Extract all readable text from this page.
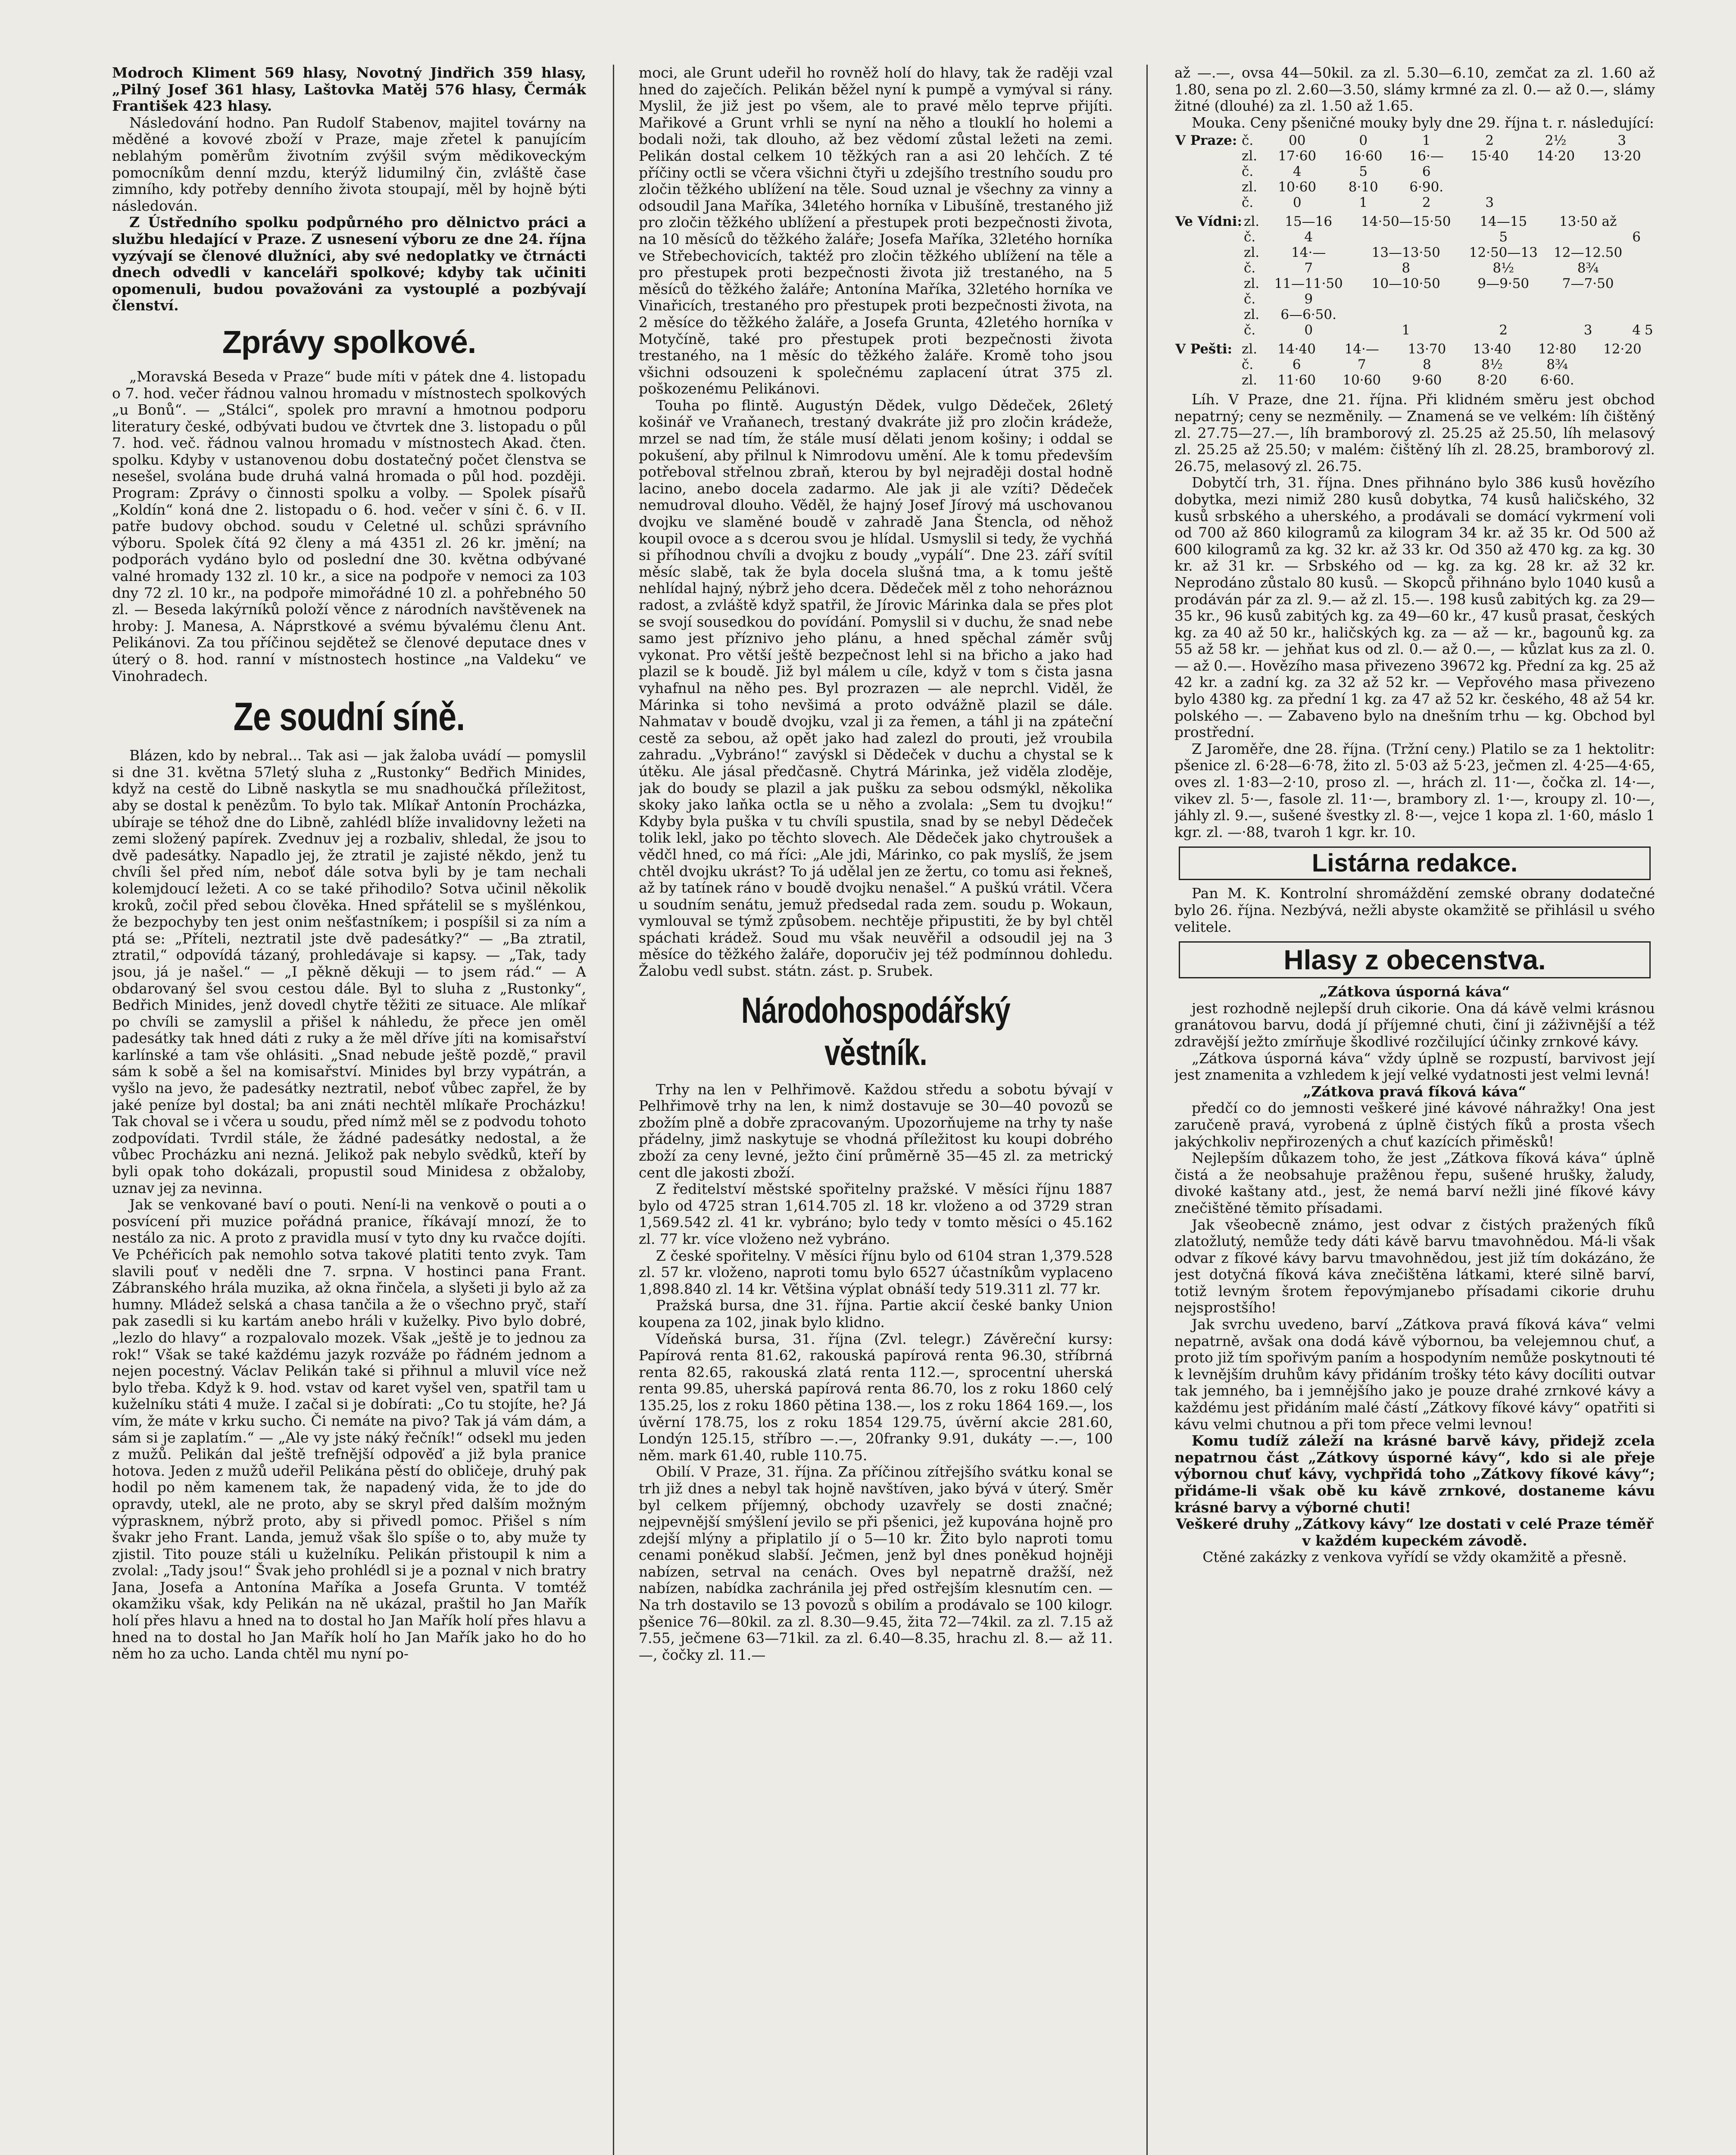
Modroch Kliment 569 hlasy, Novotný Jindřich 359 hlasy, „Pilný Josef 361 hlasy, Laštovka Matěj 576 hlasy, Čermák František 423 hlasy.

Následování hodno. Pan Rudolf Stabenov, majitel továrny na měděné a kovové zboží v Praze, maje zřetel k panujícím neblahým poměrům životním zvýšil svým mědikoveckým pomocníkům denní mzdu, kterýž lidumilný čin, zvláště čase zimního, kdy potřeby denního života stoupají, měl by hojně býti následován.

Z Ústředního spolku podpůrného pro dělnictvo práci a službu hledající v Praze. Z usnesení výboru ze dne 24. října vyzývají se členové dlužníci, aby své nedoplatky ve čtrnácti dnech odvedli v kanceláři spolkové; kdyby tak učiniti opomenuli, budou považováni za vystouplé a pozbývají členství.

Zprávy spolkové.

„Moravská Beseda v Praze“ bude míti v pátek dne 4. listopadu o 7. hod. večer řádnou valnou hromadu v místnostech spolkových „u Bonů“. — „Stálci“, spolek pro mravní a hmotnou podporu literatury české, odbývati budou ve čtvrtek dne 3. listopadu o půl 7. hod. več. řádnou valnou hromadu v místnostech Akad. čten. spolku. Kdyby v ustanovenou dobu dostatečný počet členstva se nesešel, svolána bude druhá valná hromada o půl hod. později. Program: Zprávy o činnosti spolku a volby. — Spolek písařů „Koldín“ koná dne 2. listopadu o 6. hod. večer v síni č. 6. v II. patře budovy obchod. soudu v Celetné ul. schůzi správního výboru. Spolek čítá 92 členy a má 4351 zl. 26 kr. jmění; na podporách vydáno bylo od poslední dne 30. května odbývané valné hromady 132 zl. 10 kr., a sice na podpoře v nemoci za 103 dny 72 zl. 10 kr., na podpoře mimořádné 10 zl. a pohřebného 50 zl. — Beseda lakýrníků položí věnce z národních navštěvenek na hroby: J. Manesa, A. Náprstkové a svému bývalému členu Ant. Pelikánovi. Za tou příčinou sejdětež se členové deputace dnes v úterý o 8. hod. ranní v místnostech hostince „na Valdeku“ ve Vinohradech.

Ze soudní síně.

Blázen, kdo by nebral... Tak asi — jak žaloba uvádí — pomyslil si dne 31. května 57letý sluha z „Rustonky“ Bedřich Minides, když na cestě do Libně naskytla se mu snadhoučká příležitost, aby se dostal k penězům. To bylo tak. Mlíkař Antonín Procházka, ubíraje se téhož dne do Libně, zahlédl blíže invalidovny ležeti na zemi složený papírek. Zvednuv jej a rozbaliv, shledal, že jsou to dvě padesátky. Napadlo jej, že ztratil je zajisté někdo, jenž tu chvíli šel před ním, neboť dále sotva byli by je tam nechali kolemjdoucí ležeti. A co se také přihodilo? Sotva učinil několik kroků, zočil před sebou člověka. Hned spřátelil se s myšlénkou, že bezpochyby ten jest onim nešťastníkem; i pospíšil si za ním a ptá se: „Příteli, neztratil jste dvě padesátky?“ — „Ba ztratil, ztratil,“ odpovídá tázaný, prohledávaje si kapsy. — „Tak, tady jsou, já je našel.“ — „I pěkně děkuji — to jsem rád.“ — A obdarovaný šel svou cestou dále. Byl to sluha z „Rustonky“, Bedřich Minides, jenž dovedl chytře těžiti ze situace. Ale mlíkař po chvíli se zamyslil a přišel k náhledu, že přece jen oměl padesátky tak hned dáti z ruky a že měl dříve jíti na komisařství karlínské a tam vše ohlásiti. „Snad nebude ještě pozdě,“ pravil sám k sobě a šel na komisařství. Minides byl brzy vypátrán, a vyšlo na jevo, že padesátky neztratil, neboť vůbec zapřel, že by jaké peníze byl dostal; ba ani znáti nechtěl mlíkaře Procházku! Tak choval se i včera u soudu, před nímž měl se z podvodu tohoto zodpovídati. Tvrdil stále, že žádné padesátky nedostal, a že vůbec Procházku ani nezná. Jelikož pak nebylo svědků, kteří by byli opak toho dokázali, propustil soud Minidesa z obžaloby, uznav jej za nevinna.

Jak se venkované baví o pouti. Není-li na venkově o pouti a o posvícení při muzice pořádná pranice, říkávají mnozí, že to nestálo za nic. A proto z pravidla musí v tyto dny ku rvačce dojíti. Ve Pchéřicích pak nemohlo sotva takové platiti tento zvyk. Tam slavili pouť v neděli dne 7. srpna. V hostinci pana Frant. Zábranského hrála muzika, až okna řinčela, a slyšeti ji bylo až za humny. Mládež selská a chasa tančila a že o všechno pryč, staří pak zasedli si ku kartám anebo hráli v kuželky. Pivo bylo dobré, „lezlo do hlavy“ a rozpalovalo mozek. Však „ještě je to jednou za rok!“ Však se také každému jazyk rozváže po řádném jednom a nejen pocestný. Václav Pelikán také si přihnul a mluvil více než bylo třeba. Když k 9. hod. vstav od karet vyšel ven, spatřil tam u kuželníku státi 4 muže. I začal si je dobírati: „Co tu stojíte, he? Já vím, že máte v krku sucho. Či nemáte na pivo? Tak já vám dám, a sám si je zaplatím.“ — „Ale vy jste náký řečník!“ odsekl mu jeden z mužů. Pelikán dal ještě trefnější odpověď a již byla pranice hotova. Jeden z mužů udeřil Pelikána pěstí do obličeje, druhý pak hodil po něm kamenem tak, že napadený vida, že to jde do opravdy, utekl, ale ne proto, aby se skryl před dalším možným výprasknem, nýbrž proto, aby si přivedl pomoc. Přišel s ním švakr jeho Frant. Landa, jemuž však šlo spíše o to, aby muže ty zjistil. Tito pouze stáli u kuželníku. Pelikán přistoupil k nim a zvolal: „Tady jsou!“ Švak jeho prohlédl si je a poznal v nich bratry Jana, Josefa a Antonína Maříka a Josefa Grunta. V tomtéž okamžiku však, kdy Pelikán na ně ukázal, praštil ho Jan Mařík holí přes hlavu a hned na to dostal ho Jan Mařík holí přes hlavu a hned na to dostal ho Jan Mařík holí ho Jan Mařík jako ho do ho něm ho za ucho. Landa chtěl mu nyní po-

moci, ale Grunt udeřil ho rovněž holí do hlavy, tak že raději vzal hned do zaječích. Pelikán běžel nyní k pumpě a vymýval si rány. Myslil, že již jest po všem, ale to pravé mělo teprve přijíti. Mařikové a Grunt vrhli se nyní na něho a tlouklí ho holemi a bodali noži, tak dlouho, až bez vědomí zůstal ležeti na zemi. Pelikán dostal celkem 10 těžkých ran a asi 20 lehčích. Z té příčiny octli se včera všichni čtyři u zdejšího trestního soudu pro zločin těžkého ublížení na těle. Soud uznal je všechny za vinny a odsoudil Jana Maříka, 34letého horníka v Libušíně, trestaného již pro zločin těžkého ublížení a přestupek proti bezpečnosti života, na 10 měsíců do těžkého žaláře; Josefa Maříka, 32letého horníka ve Střebechovicích, taktéž pro zločin těžkého ublížení na těle a pro přestupek proti bezpečnosti života již trestaného, na 5 měsíců do těžkého žaláře; Antonína Maříka, 32letého horníka ve Vinařicích, trestaného pro přestupek proti bezpečnosti života, na 2 měsíce do těžkého žaláře, a Josefa Grunta, 42letého horníka v Motyčíně, také pro přestupek proti bezpečnosti života trestaného, na 1 měsíc do těžkého žaláře. Kromě toho jsou všichni odsouzeni k společnému zaplacení útrat 375 zl. poškozenému Pelikánovi.

Touha po flintě. Augustýn Dědek, vulgo Dědeček, 26letý košinář ve Vraňanech, trestaný dvakráte již pro zločin krádeže, mrzel se nad tím, že stále musí dělati jenom košiny; i oddal se pokušení, aby přilnul k Nimrodovu umění. Ale k tomu především potřeboval střelnou zbraň, kterou by byl nejraději dostal hodně lacino, anebo docela zadarmo. Ale jak ji ale vzíti? Dědeček nemudroval dlouho. Věděl, že hajný Josef Jírový má uschovanou dvojku ve slaměné boudě v zahradě Jana Štencla, od něhož koupil ovoce a s dcerou svou je hlídal. Usmyslil si tedy, že vychňá si příhodnou chvíli a dvojku z boudy „vypálí“. Dne 23. září svítil měsíc slabě, tak že byla docela slušná tma, a k tomu ještě nehlídal hajný, nýbrž jeho dcera. Dědeček měl z toho nehoráznou radost, a zvláště když spatřil, že Jírovic Márinka dala se přes plot se svojí sousedkou do povídání. Pomyslil si v duchu, že snad nebe samo jest příznivo jeho plánu, a hned spěchal záměr svůj vykonat. Pro větší ještě bezpečnost lehl si na břicho a jako had plazil se k boudě. Již byl málem u cíle, když v tom s čista jasna vyhafnul na něho pes. Byl prozrazen — ale neprchl. Viděl, že Márinka si toho nevšimá a proto odvážně plazil se dále. Nahmatav v boudě dvojku, vzal ji za řemen, a táhl ji na zpáteční cestě za sebou, až opět jako had zalezl do prouti, jež vroubila zahradu. „Vybráno!“ zavýskl si Dědeček v duchu a chystal se k útěku. Ale jásal předčasně. Chytrá Márinka, jež viděla zloděje, jak do boudy se plazil a jak pušku za sebou odsmýkl, několika skoky jako laňka octla se u něho a zvolala: „Sem tu dvojku!“ Kdyby byla puška v tu chvíli spustila, snad by se nebyl Dědeček tolik lekl, jako po těchto slovech. Ale Dědeček jako chytroušek a vědčl hned, co má říci: „Ale jdi, Márinko, co pak myslíš, že jsem chtěl dvojku ukrást? To já udělal jen ze žertu, co tomu asi řekneš, až by tatínek ráno v boudě dvojku nenašel.“ A puškú vrátil. Včera u soudním senátu, jemuž předsedal rada zem. soudu p. Wokaun, vymlouval se týmž způsobem. nechtěje připustiti, že by byl chtěl spáchati krádež. Soud mu však neuvěřil a odsoudil jej na 3 měsíce do těžkého žaláře, doporučiv jej též podmínnou dohledu. Žalobu vedl subst. státn. zást. p. Srubek.

Národohospodářský věstník.

Trhy na len v Pelhřimově. Každou středu a sobotu bývají v Pelhřimově trhy na len, k nimž dostavuje se 30—40 povozů se zbožím plně a dobře zpracovaným. Upozorňujeme na trhy ty naše přádelny, jimž naskytuje se vhodná příležitost ku koupi dobrého zboží za ceny levné, ježto činí průměrně 35—45 zl. za metrický cent dle jakosti zboží.

Z ředitelství městské spořitelny pražské. V měsíci říjnu 1887 bylo od 4725 stran 1,614.705 zl. 18 kr. vloženo a od 3729 stran 1,569.542 zl. 41 kr. vybráno; bylo tedy v tomto měsíci o 45.162 zl. 77 kr. více vloženo než vybráno.

Z české spořitelny. V měsíci říjnu bylo od 6104 stran 1,379.528 zl. 57 kr. vloženo, naproti tomu bylo 6527 účastníkům vyplaceno 1,898.840 zl. 14 kr. Většina výplat obnáší tedy 519.311 zl. 77 kr.

Pražská bursa, dne 31. října. Partie akcií české banky Union koupena za 102, jinak bylo klidno.

Vídeňská bursa, 31. října (Zvl. telegr.) Závěreční kursy: Papírová renta 81.62, rakouská papírová renta 96.30, stříbrná renta 82.65, rakouská zlatá renta 112.—, sprocentní uherská renta 99.85, uherská papírová renta 86.70, los z roku 1860 celý 135.25, los z roku 1860 pětina 138.—, los z roku 1864 169.—, los úvěrní 178.75, los z roku 1854 129.75, úvěrní akcie 281.60, Londýn 125.15, stříbro —.—, 20franky 9.91, dukáty —.—, 100 něm. mark 61.40, ruble 110.75.

Obilí. V Praze, 31. října. Za příčinou zítřejšího svátku konal se trh již dnes a nebyl tak hojně navštíven, jako bývá v úterý. Směr byl celkem příjemný, obchody uzavřely se dosti značné; nejpevnější smýšlení jevilo se při pšenici, jež kupována hojně pro zdejší mlýny a připlatilo jí o 5—10 kr. Žito bylo naproti tomu cenami poněkud slabší. Ječmen, jenž byl dnes poněkud hojněji nabízen, setrval na cenách. Oves byl nepatrně dražší, než nabízen, nabídka zachránila jej před ostřejším klesnutím cen. — Na trh dostavilo se 13 povozů s obilím a prodávalo se 100 kilogr. pšenice 76—80kil. za zl. 8.30—9.45, žita 72—74kil. za zl. 7.15 až 7.55, ječmene 63—71kil. za zl. 6.40—8.35, hrachu zl. 8.— až 11.—, čočky zl. 11.—

až —.—, ovsa 44—50kil. za zl. 5.30—6.10, zemčat za zl. 1.60 až 1.80, sena po zl. 2.60—3.50, slámy krmné za zl. 0.— až 0.—, slámy žitné (dlouhé) za zl. 1.50 až 1.65.

Mouka. Ceny pšeničné mouky byly dne 29. října t. r. následující:

V Praze:	č.	00	0	1	2	2½	3
	zl.	17·60	16·60	16·—	15·40	14·20	13·20
	č.	4	5	6			
	zl.	10·60	8·10	6·90.			
	č.	0	1	2	3		
Ve Vídni:	zl.	15—16	14·50—15·50	14—15	13·50 až		
	č.	4		5		6	
	zl.	14·—	13—13·50	12·50—13	12—12.50		
	č.	7	8	8½	8¾		
	zl.	11—11·50	10—10·50	9—9·50	7—7·50		
	č.	9					
	zl.	6—6·50.					
	č.	0	1	2	3	4	5
V Pešti:	zl.	14·40	14·—	13·70	13·40	12·80	12·20
	č.	6	7	8	8½	8¾	
	zl.	11·60	10·60	9·60	8·20	6·60.	

Líh. V Praze, dne 21. října. Při klidném směru jest obchod nepatrný; ceny se nezměnily. — Znamená se ve velkém: líh čištěný zl. 27.75—27.—, líh bramborový zl. 25.25 až 25.50, líh melasový zl. 25.25 až 25.50; v malém: čištěný líh zl. 28.25, bramborový zl. 26.75, melasový zl. 26.75.

Dobytčí trh, 31. října. Dnes přihnáno bylo 386 kusů hovězího dobytka, mezi nimiž 280 kusů dobytka, 74 kusů haličského, 32 kusů srbského a uherského, a prodávali se domácí vykrmení voli od 700 až 860 kilogramů za kilogram 34 kr. až 35 kr. Od 500 až 600 kilogramů za kg. 32 kr. až 33 kr. Od 350 až 470 kg. za kg. 30 kr. až 31 kr. — Srbského od — kg. za kg. 28 kr. až 32 kr. Neprodáno zůstalo 80 kusů. — Skopců přihnáno bylo 1040 kusů a prodáván pár za zl. 9.— až zl. 15.—. 198 kusů zabitých kg. za 29—35 kr., 96 kusů zabitých kg. za 49—60 kr., 47 kusů prasat, českých kg. za 40 až 50 kr., haličských kg. za — až — kr., bagounů kg. za 55 až 58 kr. — jehňat kus od zl. 0.— až 0.—, — kůzlat kus za zl. 0.— až 0.—. Hovězího masa přivezeno 39672 kg. Přední za kg. 25 až 42 kr. a zadní kg. za 32 až 52 kr. — Vepřového masa přivezeno bylo 4380 kg. za přední 1 kg. za 47 až 52 kr. českého, 48 až 54 kr. polského —. — Zabaveno bylo na dnešním trhu — kg. Obchod byl prostřední.

Z Jaroměře, dne 28. října. (Tržní ceny.) Platilo se za 1 hektolitr: pšenice zl. 6·28—6·78, žito zl. 5·03 až 5·23, ječmen zl. 4·25—4·65, oves zl. 1·83—2·10, proso zl. —, hrách zl. 11·—, čočka zl. 14·—, vikev zl. 5·—, fasole zl. 11·—, brambory zl. 1·—, kroupy zl. 10·—, jáhly zl. 9.—, sušené švestky zl. 8·—, vejce 1 kopa zl. 1·60, máslo 1 kgr. zl. —·88, tvaroh 1 kgr. kr. 10.

Listárna redakce.

Pan M. K. Kontrolní shromáždění zemské obrany dodatečné bylo 26. října. Nezbývá, nežli abyste okamžitě se přihlásil u svého velitele.

Hlasy z obecenstva.

„Zátkova úsporná káva“

jest rozhodně nejlepší druh cikorie. Ona dá kávě velmi krásnou granátovou barvu, dodá jí příjemné chuti, činí ji záživnější a též zdravější ježto zmírňuje škodlivé rozčilující účinky zrnkové kávy.

„Zátkova úsporná káva“ vždy úplně se rozpustí, barvivost její jest znamenita a vzhledem k její velké vydatnosti jest velmi levná!

„Zátkova pravá fíková káva“

předčí co do jemnosti veškeré jiné kávové náhražky! Ona jest zaručeně pravá, vyrobená z úplně čistých fíků a prosta všech jakýchkoliv nepřirozených a chuť kazících přiměsků!

Nejlepším důkazem toho, že jest „Zátkova fíková káva“ úplně čistá a že neobsahuje pražênou řepu, sušené hrušky, žaludy, divoké kaštany atd., jest, že nemá barví nežli jiné fíkové kávy znečištěné těmito přísadami.

Jak všeobecně známo, jest odvar z čistých pražených fíků zlatožlutý, nemůže tedy dáti kávě barvu tmavohnědou. Má-li však odvar z fíkové kávy barvu tmavohnědou, jest již tím dokázáno, že jest dotyčná fíková káva znečištěna látkami, které silně barví, totiž levným šrotem řepovýmjanebo přísadami cikorie druhu nejsprostšího!

Jak svrchu uvedeno, barví „Zátkova pravá fíková káva“ velmi nepatrně, avšak ona dodá kávě výbornou, ba velejemnou chuť, a proto již tím spořivým paním a hospodyním nemůže poskytnouti té k levnějším druhům kávy přidáním trošky této kávy docíliti outvar tak jemného, ba i jemnějšího jako je pouze drahé zrnkové kávy a každému jest přidáním malé částí „Zátkovy fíkové kávy“ opatřiti si kávu velmi chutnou a při tom přece velmi levnou!

Komu tudíž záleží na krásné barvě kávy, přidejž zcela nepatrnou část „Zátkovy úsporné kávy“, kdo si ale přeje výbornou chuť kávy, vychpřidá toho „Zátkovy fíkové kávy“; přidáme-li však obě ku kávě zrnkové, dostaneme kávu krásné barvy a výborné chuti!

Veškeré druhy „Zátkovy kávy“ lze dostati v celé Praze téměř v každém kupeckém závodě.

Ctěné zakázky z venkova vyřídí se vždy okamžitě a přesně.
